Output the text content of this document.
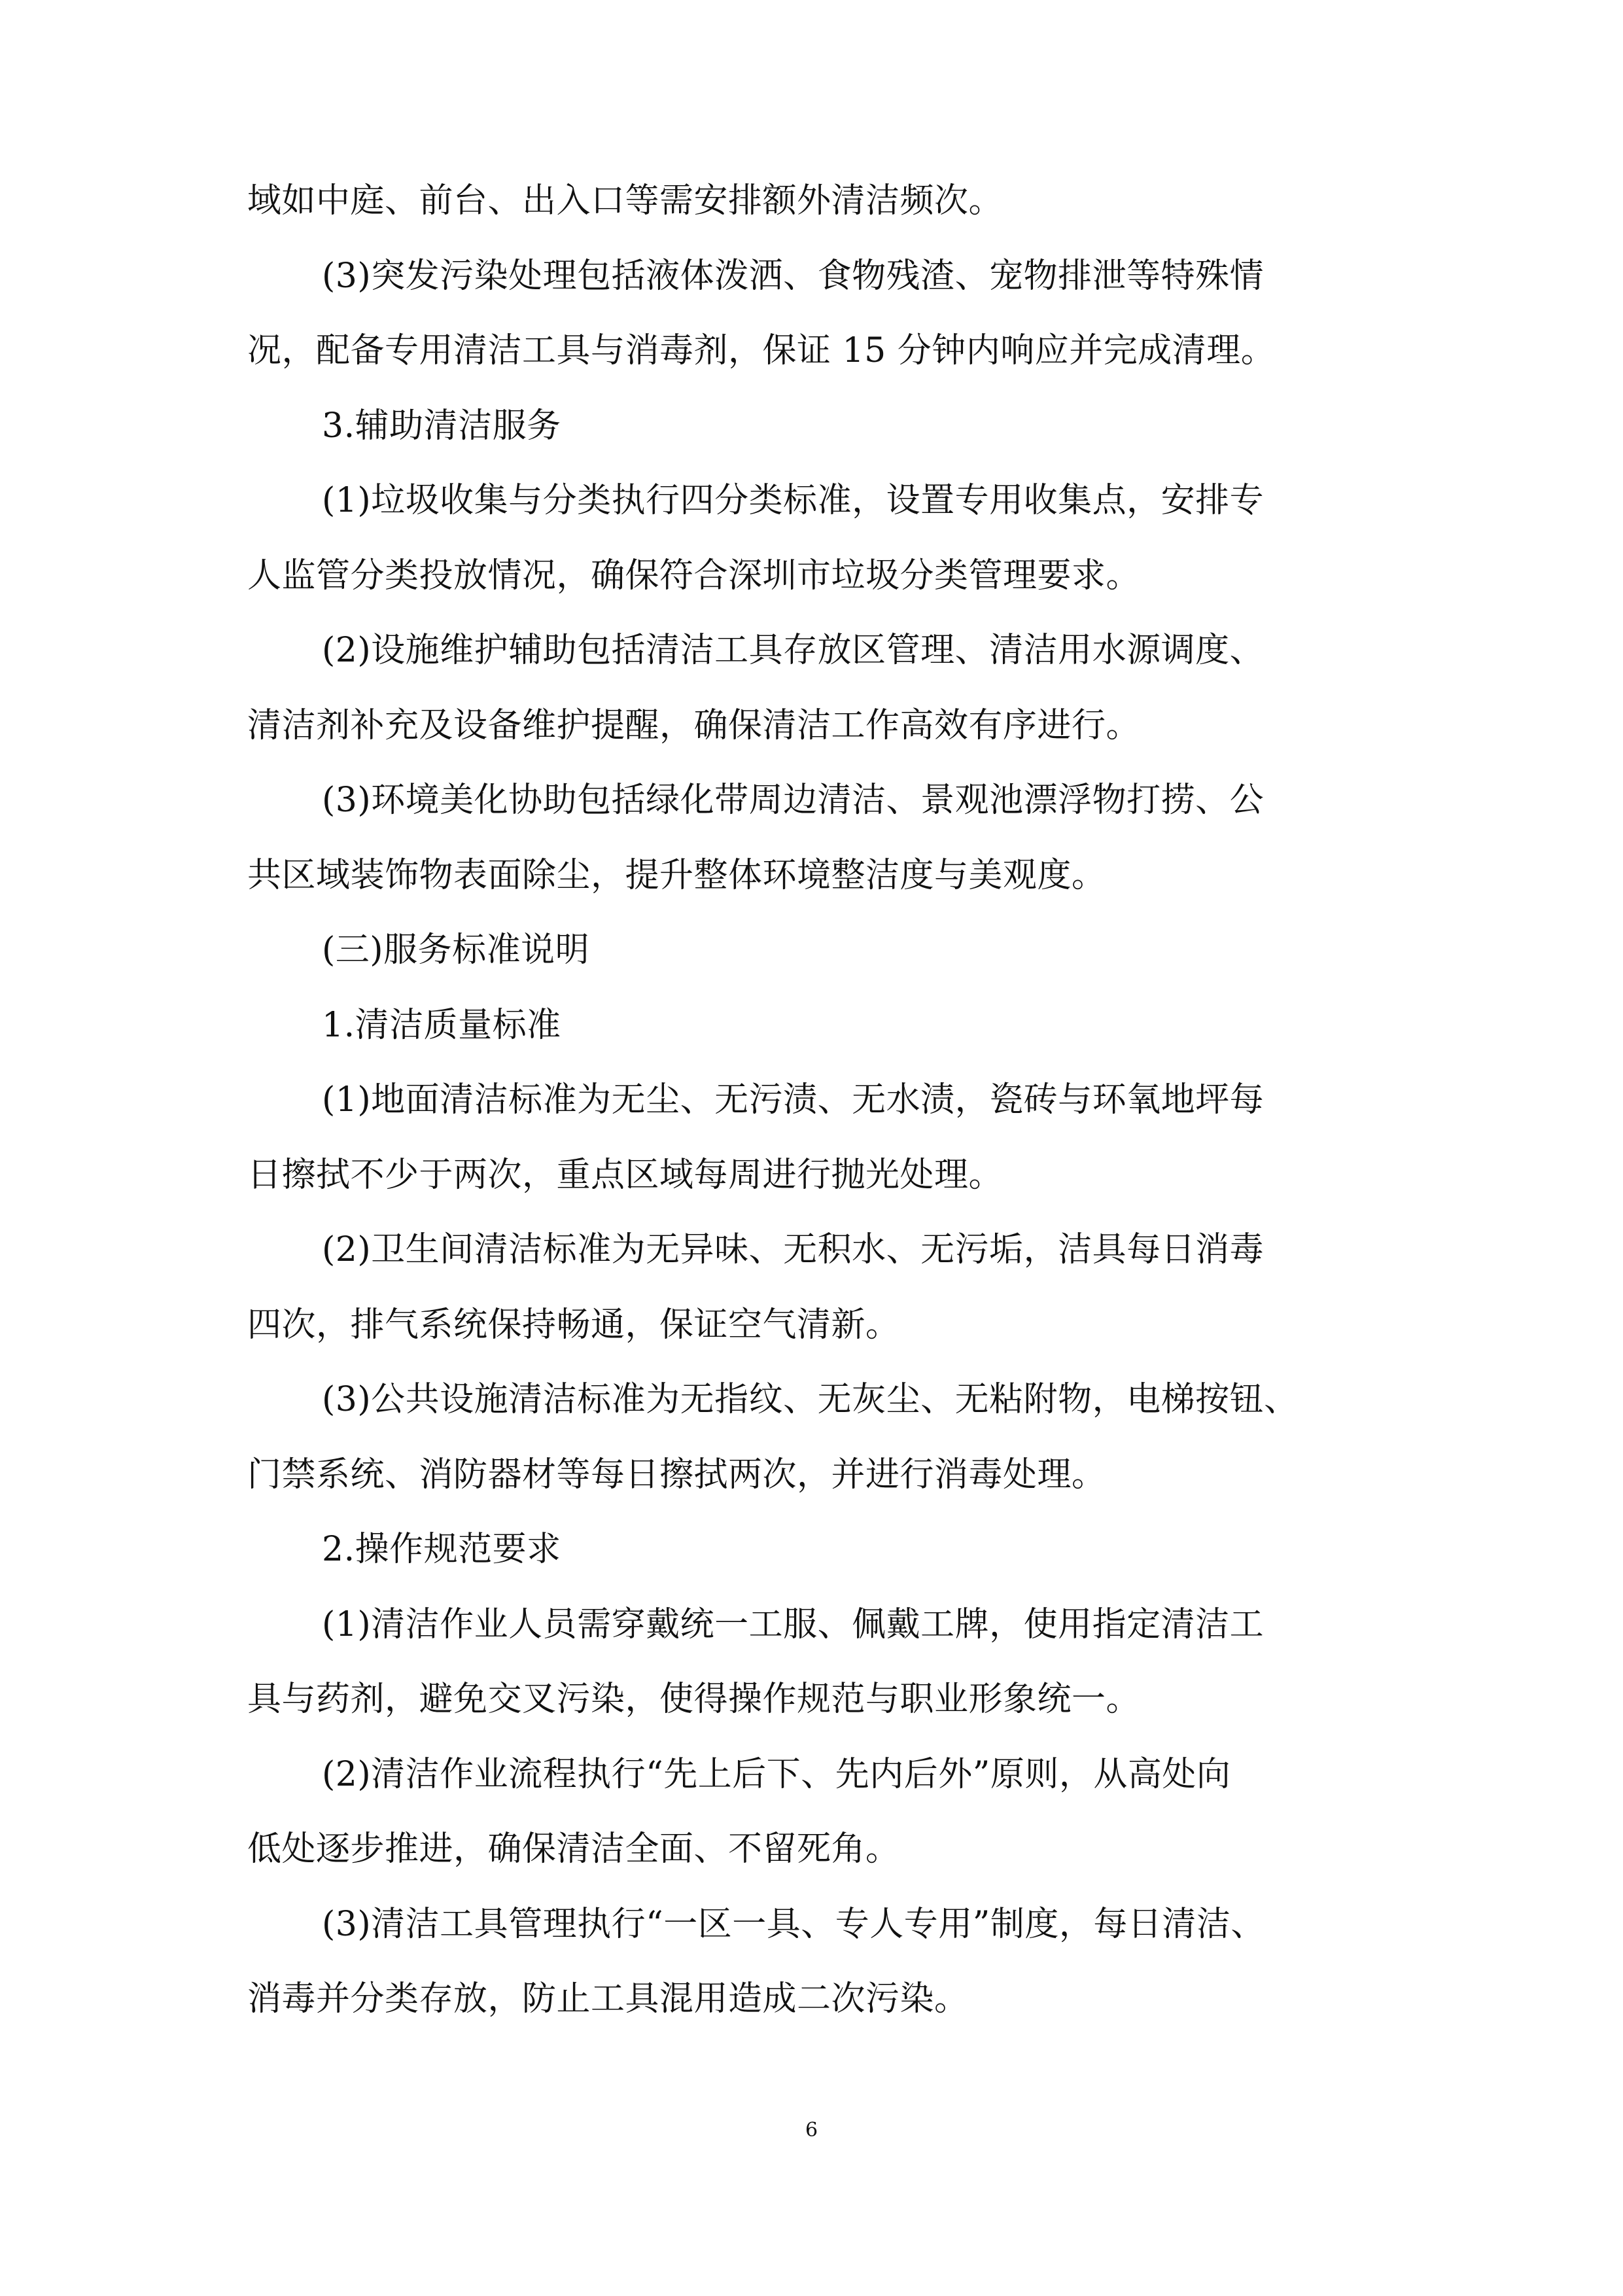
域如中庭、前台、出入口等需安排额外清洁频次。
(3)突发污染处理包括液体泼洒、食物残渣、宠物排泄等特殊情
况，配备专用清洁工具与消毒剂，保证 15 分钟内响应并完成清理。
3.辅助清洁服务
(1)垃圾收集与分类执行四分类标准，设置专用收集点，安排专
人监管分类投放情况，确保符合深圳市垃圾分类管理要求。
(2)设施维护辅助包括清洁工具存放区管理、清洁用水源调度、
清洁剂补充及设备维护提醒，确保清洁工作高效有序进行。
(3)环境美化协助包括绿化带周边清洁、景观池漂浮物打捞、公
共区域装饰物表面除尘，提升整体环境整洁度与美观度。
(三)服务标准说明
1.清洁质量标准
(1)地面清洁标准为无尘、无污渍、无水渍，瓷砖与环氧地坪每
日擦拭不少于两次，重点区域每周进行抛光处理。
(2)卫生间清洁标准为无异味、无积水、无污垢，洁具每日消毒
四次，排气系统保持畅通，保证空气清新。
(3)公共设施清洁标准为无指纹、无灰尘、无粘附物，电梯按钮、
门禁系统、消防器材等每日擦拭两次，并进行消毒处理。
2.操作规范要求
(1)清洁作业人员需穿戴统一工服、佩戴工牌，使用指定清洁工
具与药剂，避免交叉污染，使得操作规范与职业形象统一。
(2)清洁作业流程执行“先上后下、先内后外”原则，从高处向
低处逐步推进，确保清洁全面、不留死角。
(3)清洁工具管理执行“一区一具、专人专用”制度，每日清洁、
消毒并分类存放，防止工具混用造成二次污染。
6
